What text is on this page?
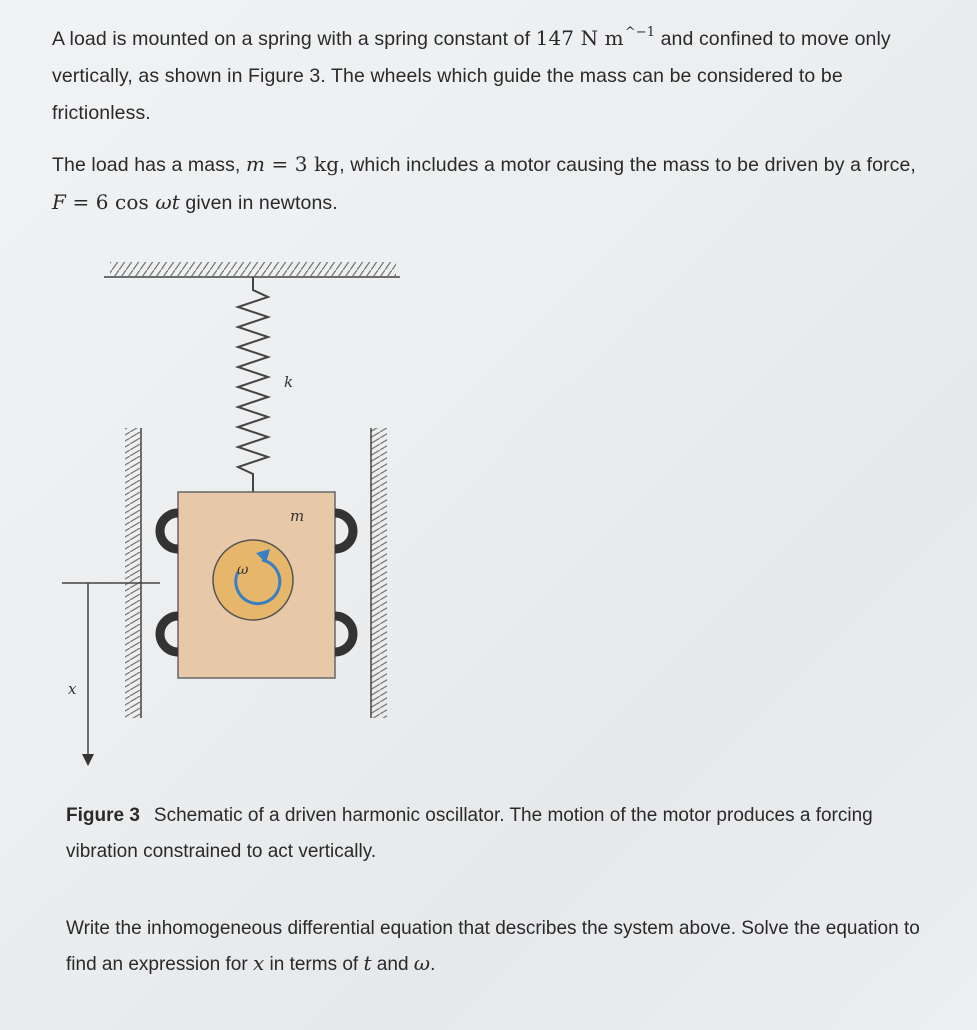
A load is mounted on a spring with a spring constant of 147 N $m^{\^{}-1}$ and confined to move only vertically, as shown in Figure 3. The wheels which guide the mass can be considered to be frictionless.
The load has a mass, m = 3 kg, which includes a motor causing the mass to be driven by a force, F = 6 cos ωt given in newtons.
k
m
ω
x
Figure 3 Schematic of a driven harmonic oscillator. The motion of the motor produces a forcing vibration constrained to act vertically.
Write the inhomogeneous differential equation that describes the system above. Solve the equation to find an expression for x in terms of t and ω.
